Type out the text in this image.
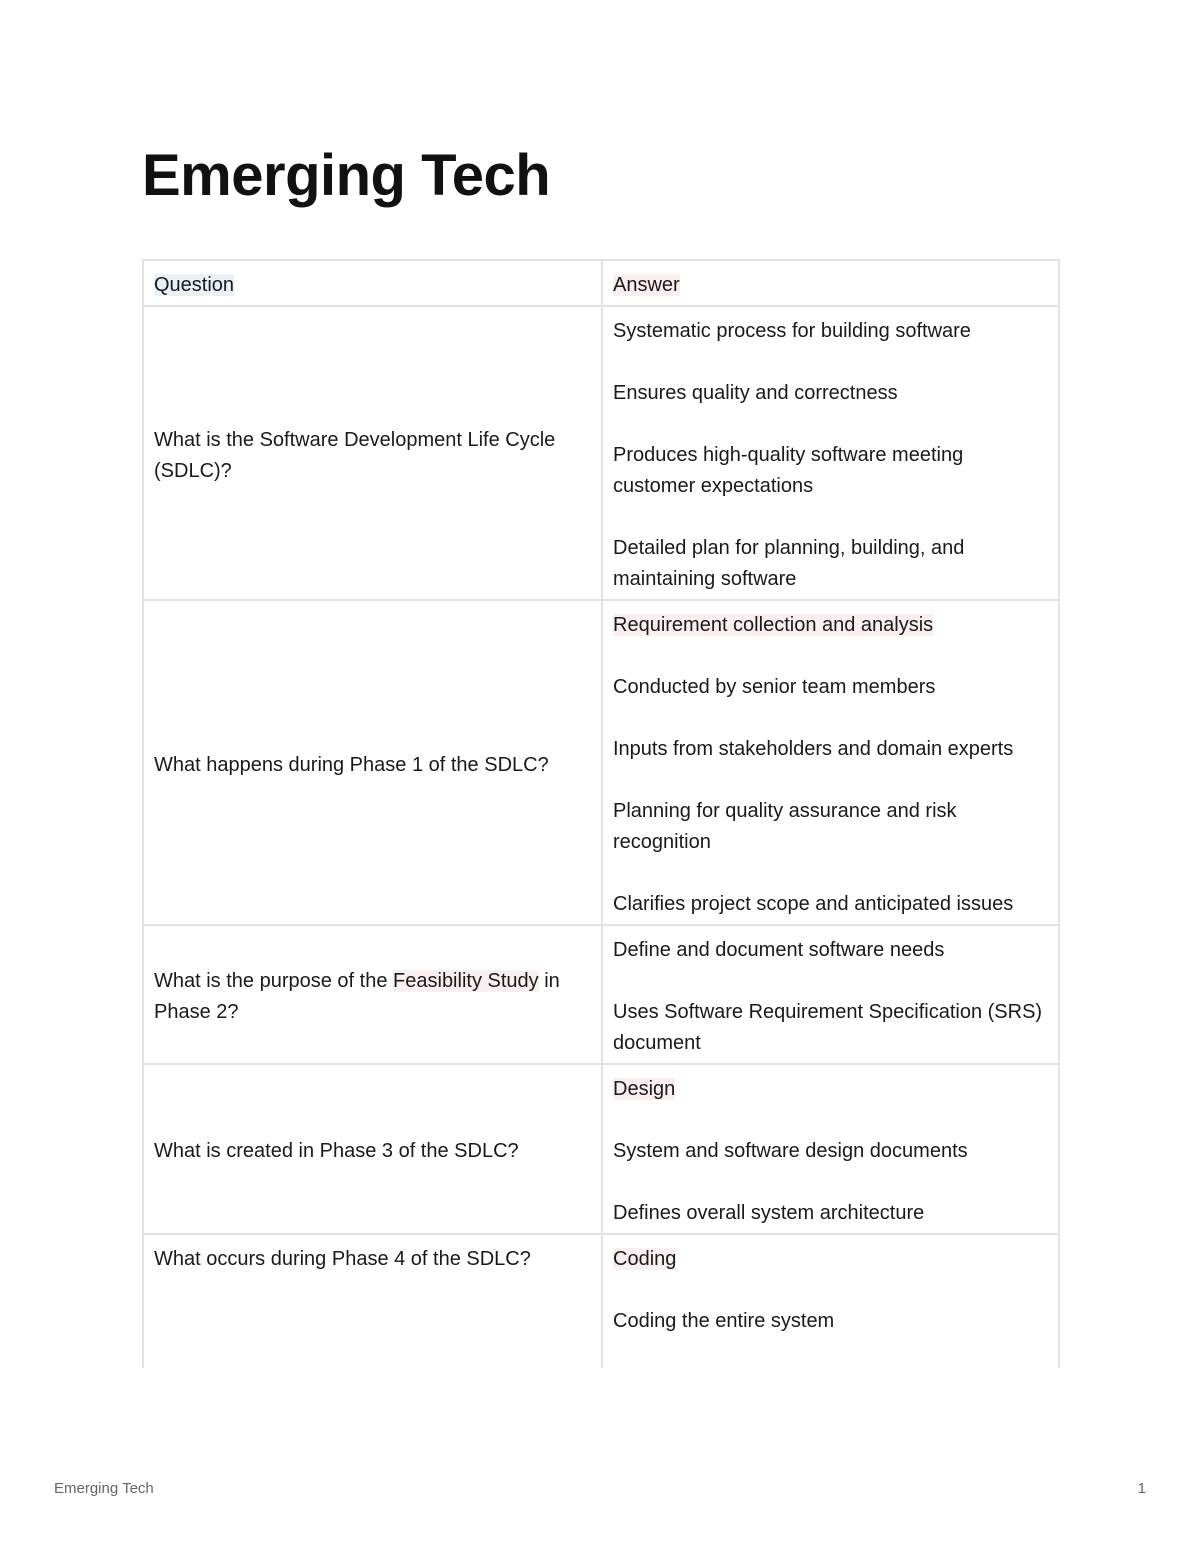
Emerging Tech
Question	Answer
What is the Software Development Life Cycle (SDLC)?	Systematic process for building software

Ensures quality and correctness

Produces high-quality software meeting customer expectations

Detailed plan for planning, building, and maintaining software

What happens during Phase 1 of the SDLC?	Requirement collection and analysis

Conducted by senior team members

Inputs from stakeholders and domain experts

Planning for quality assurance and risk recognition

Clarifies project scope and anticipated issues

What is the purpose of the Feasibility Study in Phase 2?	Define and document software needs

Uses Software Requirement Specification (SRS) document

What is created in Phase 3 of the SDLC?	Design

System and software design documents

Defines overall system architecture

What occurs during Phase 4 of the SDLC?	Coding

Coding the entire system

Emerging Tech	1
